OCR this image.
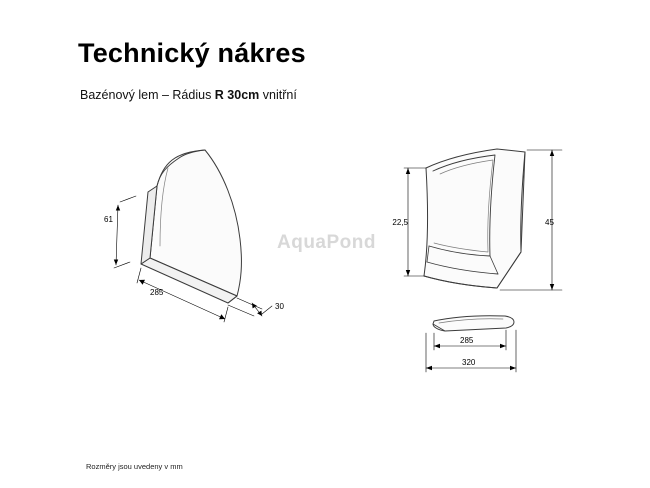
Technický nákres
Bazénový lem – Rádius R 30cm vnitřní
AquaPond
61
285
30
22,5	45
285
320
Rozměry jsou uvedeny v mm
